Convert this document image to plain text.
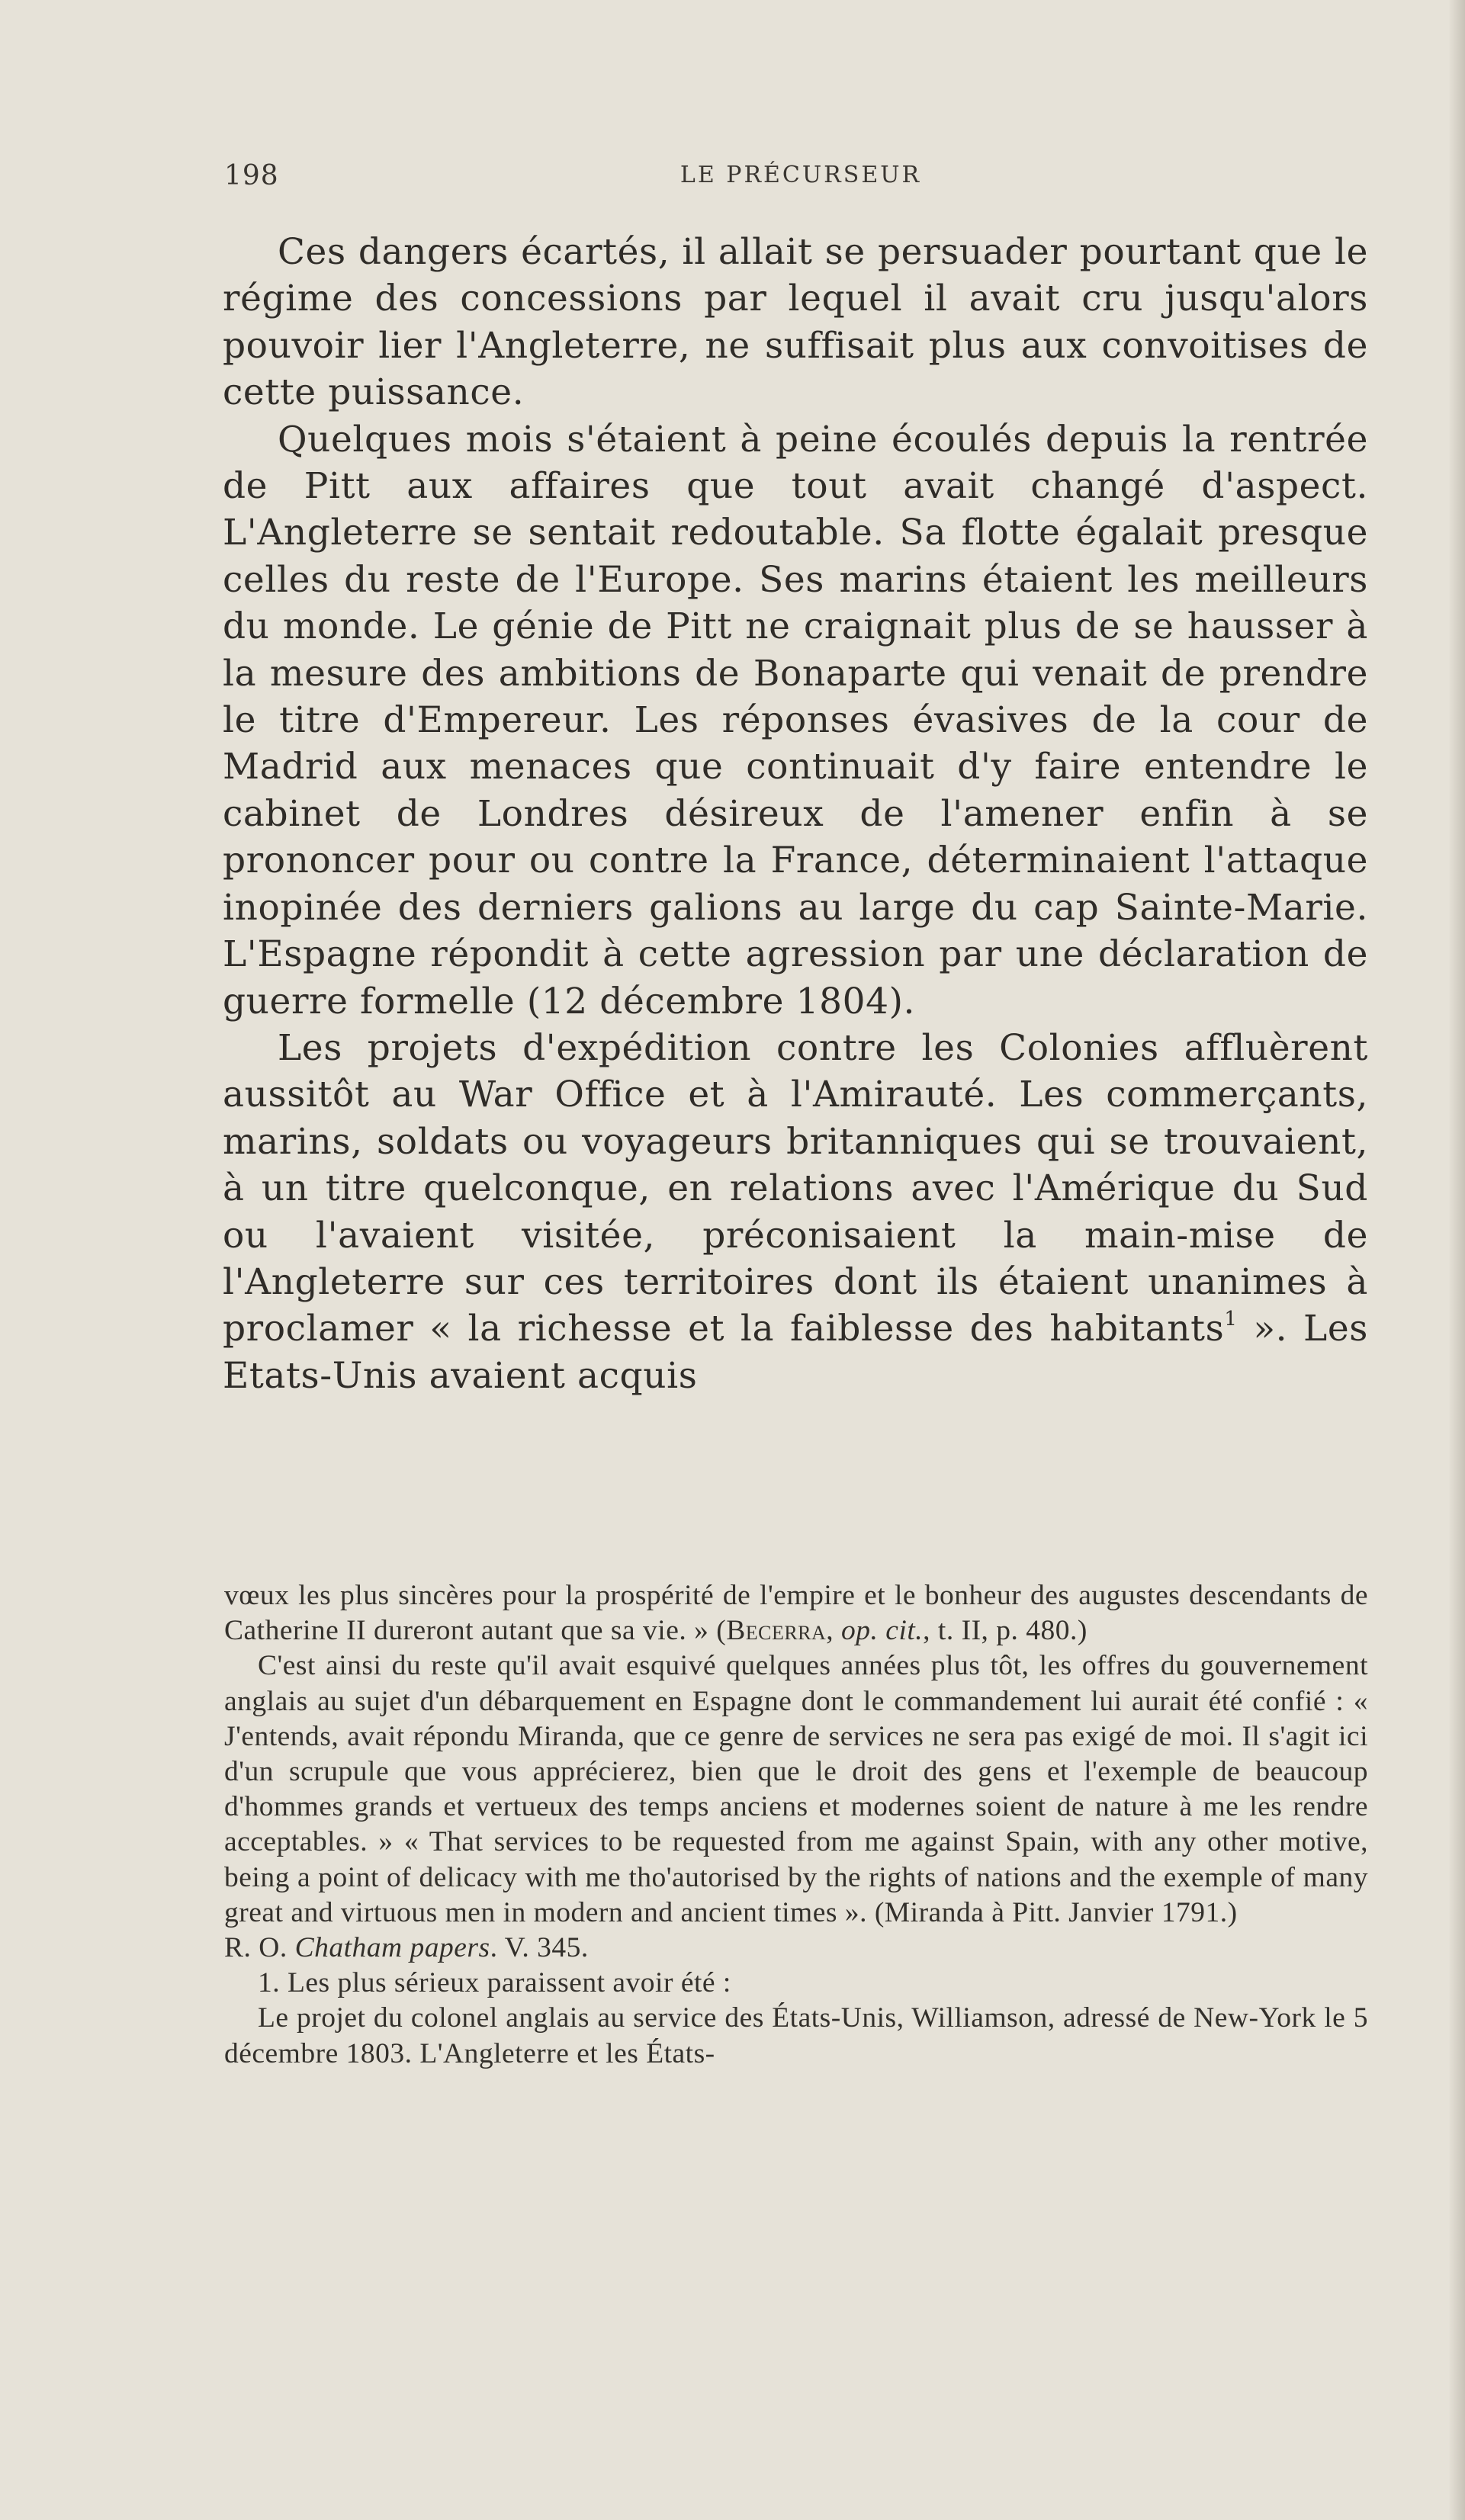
198	LE PRÉCURSEUR

Ces dangers écartés, il allait se persuader pourtant que le régime des concessions par lequel il avait cru jusqu'alors pouvoir lier l'Angleterre, ne suffisait plus aux convoitises de cette puissance.

Quelques mois s'étaient à peine écoulés depuis la rentrée de Pitt aux affaires que tout avait changé d'aspect. L'Angleterre se sentait redoutable. Sa flotte égalait presque celles du reste de l'Europe. Ses marins étaient les meilleurs du monde. Le génie de Pitt ne craignait plus de se hausser à la mesure des ambitions de Bonaparte qui venait de prendre le titre d'Empereur. Les réponses évasives de la cour de Madrid aux menaces que continuait d'y faire entendre le cabinet de Londres désireux de l'amener enfin à se prononcer pour ou contre la France, déterminaient l'attaque inopinée des derniers galions au large du cap Sainte-Marie. L'Espagne répondit à cette agression par une déclaration de guerre formelle (12 décembre 1804).

Les projets d'expédition contre les Colonies affluèrent aussitôt au War Office et à l'Amirauté. Les commerçants, marins, soldats ou voyageurs britanniques qui se trouvaient, à un titre quelconque, en relations avec l'Amérique du Sud ou l'avaient visitée, préconisaient la main-mise de l'Angleterre sur ces territoires dont ils étaient unanimes à proclamer « la richesse et la faiblesse des habitants$^1$ ». Les Etats-Unis avaient acquis

vœux les plus sincères pour la prospérité de l'empire et le bonheur des augustes descendants de Catherine II dureront autant que sa vie. » (Becerra, op. cit., t. II, p. 480.)

C'est ainsi du reste qu'il avait esquivé quelques années plus tôt, les offres du gouvernement anglais au sujet d'un débarquement en Espagne dont le commandement lui aurait été confié : « J'entends, avait répondu Miranda, que ce genre de services ne sera pas exigé de moi. Il s'agit ici d'un scrupule que vous apprécierez, bien que le droit des gens et l'exemple de beaucoup d'hommes grands et vertueux des temps anciens et modernes soient de nature à me les rendre acceptables. » « That services to be requested from me against Spain, with any other motive, being a point of delicacy with me tho'autorised by the rights of nations and the exemple of many great and virtuous men in modern and ancient times ». (Miranda à Pitt. Janvier 1791.)

R. O. Chatham papers. V. 345.

1. Les plus sérieux paraissent avoir été :

Le projet du colonel anglais au service des États-Unis, Williamson, adressé de New-York le 5 décembre 1803. L'Angleterre et les États-
